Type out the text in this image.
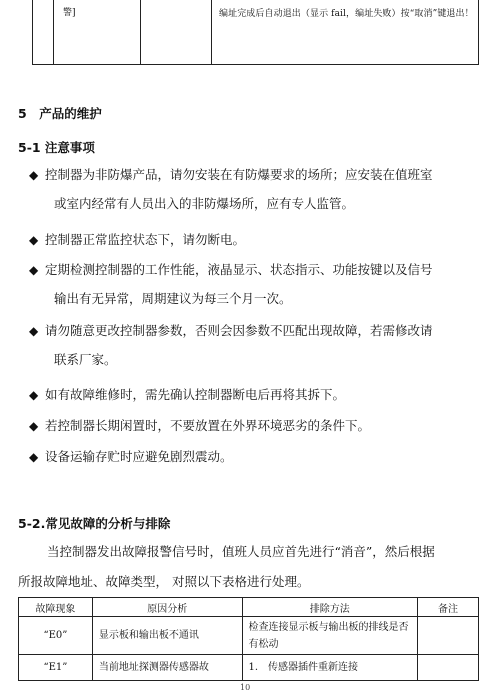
警]	编址完成后自动退出（显示 fail，编址失败）按“取消”键退出！
5　产品的维护
5-1 注意事项
◆ 控制器为非防爆产品，请勿安装在有防爆要求的场所；应安装在值班室
或室内经常有人员出入的非防爆场所，应有专人监管。
◆ 控制器正常监控状态下，请勿断电。
◆ 定期检测控制器的工作性能，液晶显示、状态指示、功能按键以及信号
输出有无异常，周期建议为每三个月一次。
◆ 请勿随意更改控制器参数，否则会因参数不匹配出现故障，若需修改请
联系厂家。
◆ 如有故障维修时，需先确认控制器断电后再将其拆下。
◆ 若控制器长期闲置时，不要放置在外界环境恶劣的条件下。
◆ 设备运输存贮时应避免剧烈震动。
5-2.常见故障的分析与排除
当控制器发出故障报警信号时，值班人员应首先进行“消音”，然后根据
所报故障地址、故障类型， 对照以下表格进行处理。
故障现象	原因分析	排除方法	备注
“E0”	显示板和输出板不通讯	检查连接显示板与输出板的排线是否有松动	
“E1”	当前地址探测器传感器故	1.　传感器插件重新连接	
10
